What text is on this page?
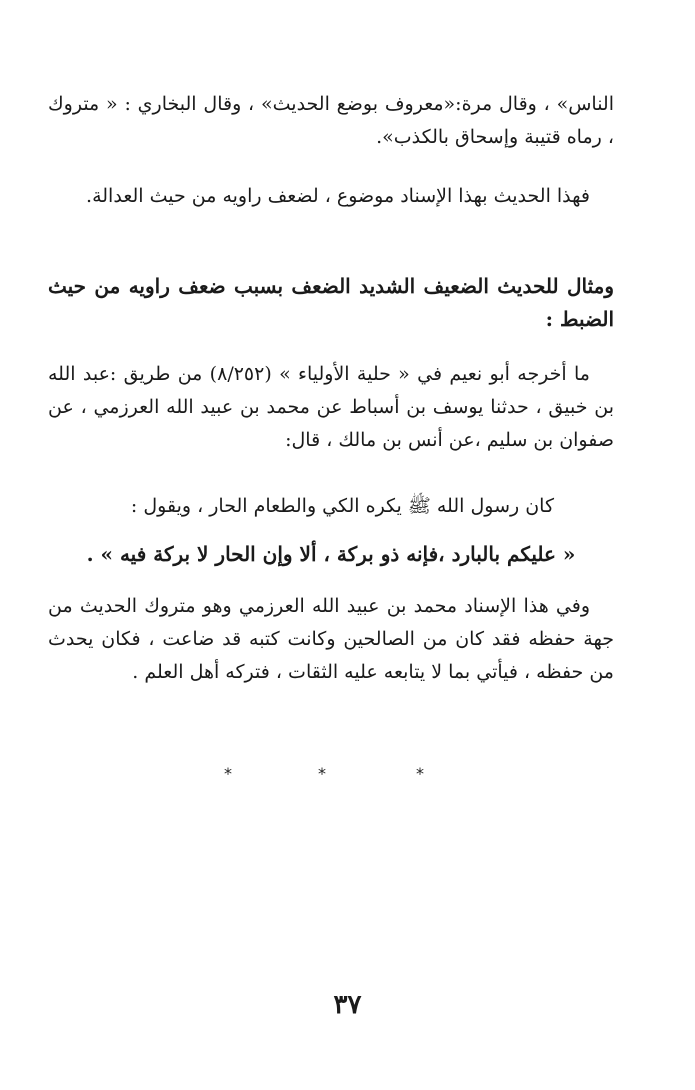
الناس» ، وقال مرة:«معروف بوضع الحديث» ، وقال البخاري : « متروك ، رماه قتيبة وإسحاق بالكذب».

فهذا الحديث بهذا الإسناد موضوع ، لضعف راويه من حيث العدالة.

ومثال للحديث الضعيف الشديد الضعف بسبب ضعف راويه من حيث الضبط :

ما أخرجه أبو نعيم في « حلية الأولياء » (٨/٢٥٢) من طريق :عبد الله بن خبيق ، حدثنا يوسف بن أسباط عن محمد بن عبيد الله العرزمي ، عن صفوان بن سليم ،عن أنس بن مالك ، قال:

كان رسول الله ﷺ يكره الكي والطعام الحار ، ويقول :

« عليكم بالبارد ،فإنه ذو بركة ، ألا وإن الحار لا بركة فيه » .

وفي هذا الإسناد محمد بن عبيد الله العرزمي وهو متروك الحديث من جهة حفظه فقد كان من الصالحين وكانت كتبه قد ضاعت ، فكان يحدث من حفظه ، فيأتي بما لا يتابعه عليه الثقات ، فتركه أهل العلم .

*	*	*
٣٧
